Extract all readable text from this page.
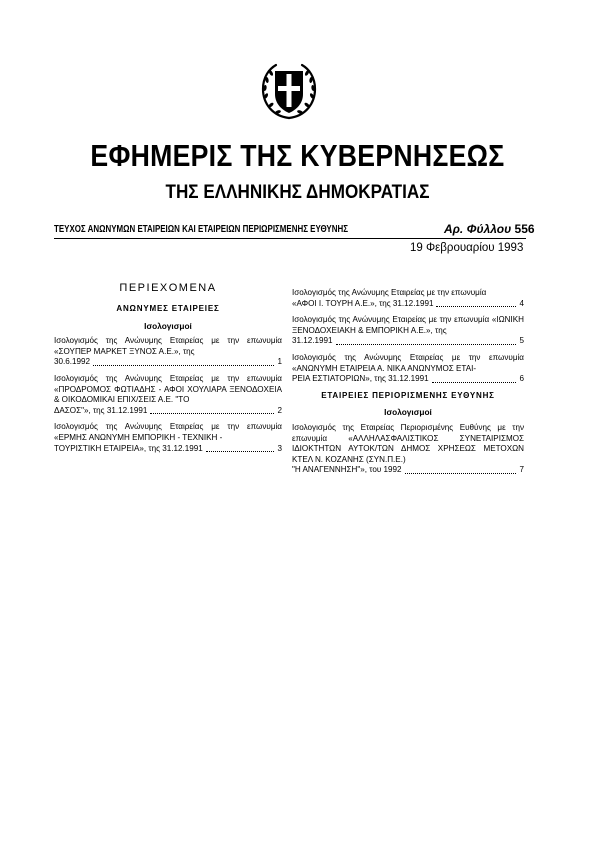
ΕΦΗΜΕΡΙΣ ΤΗΣ ΚΥΒΕΡΝΗΣΕΩΣ
ΤΗΣ ΕΛΛΗΝΙΚΗΣ ΔΗΜΟΚΡΑΤΙΑΣ
ΤΕΥΧΟΣ ΑΝΩΝΥΜΩΝ ΕΤΑΙΡΕΙΩΝ ΚΑΙ ΕΤΑΙΡΕΙΩΝ ΠΕΡΙΩΡΙΣΜΕΝΗΣ ΕΥΘΥΝΗΣ	Αρ. Φύλλου 556
19 Φεβρουαρίου 1993
ΠΕΡΙΕΧΟΜΕΝΑ
ΑΝΩΝΥΜΕΣ ΕΤΑΙΡΕΙΕΣ
Ισολογισμοί
Ισολογισμός της Ανώνυμης Εταιρείας με την επωνυμία «ΣΟΥΠΕΡ ΜΑΡΚΕΤ ΞΥΝΟΣ Α.Ε.», της
30.6.1992	1
Ισολογισμός της Ανώνυμης Εταιρείας με την επωνυμία «ΠΡΟΔΡΟΜΟΣ ΦΩΤΙΑΔΗΣ - ΑΦΟΙ ΧΟΥΛΙΑΡΑ ΞΕΝΟΔΟΧΕΙΑ & ΟΙΚΟΔΟΜΙΚΑΙ ΕΠΙΧ/ΣΕΙΣ Α.Ε. "ΤΟ
ΔΑΣΟΣ"», της 31.12.1991	2
Ισολογισμός της Ανώνυμης Εταιρείας με την επωνυμία «ΕΡΜΗΣ ΑΝΩΝΥΜΗ ΕΜΠΟΡΙΚΗ - ΤΕΧΝΙΚΗ -
ΤΟΥΡΙΣΤΙΚΗ ΕΤΑΙΡΕΙΑ», της 31.12.1991	3
Ισολογισμός της Ανώνυμης Εταιρείας με την επωνυμία
«ΑΦΟΙ Ι. ΤΟΥΡΗ Α.Ε.», της 31.12.1991	4
Ισολογισμός της Ανώνυμης Εταιρείας με την επωνυμία «ΙΩΝΙΚΗ ΞΕΝΟΔΟΧΕΙΑΚΗ & ΕΜΠΟΡΙΚΗ Α.Ε.», της
31.12.1991	5
Ισολογισμός της Ανώνυμης Εταιρείας με την επωνυμία «ΑΝΩΝΥΜΗ ΕΤΑΙΡΕΙΑ Α. ΝΙΚΑ ΑΝΩΝΥΜΟΣ ΕΤΑΙ-
ΡΕΙΑ ΕΣΤΙΑΤΟΡΙΩΝ», της 31.12.1991	6
ΕΤΑΙΡΕΙΕΣ ΠΕΡΙΟΡΙΣΜΕΝΗΣ ΕΥΘΥΝΗΣ
Ισολογισμοί
Ισολογισμός της Εταιρείας Περιορισμένης Ευθύνης με την επωνυμία «ΑΛΛΗΛΑΣΦΑΛΙΣΤΙΚΟΣ ΣΥΝΕΤΑΙΡΙΣΜΟΣ ΙΔΙΟΚΤΗΤΩΝ ΑΥΤΟΚ/ΤΩΝ ΔΗΜΟΣ ΧΡΗΣΕΩΣ ΜΕΤΟΧΩΝ ΚΤΕΛ Ν. ΚΟΖΑΝΗΣ (ΣΥΝ.Π.Ε.)
"Η ΑΝΑΓΕΝΝΗΣΗ"», του 1992	7
